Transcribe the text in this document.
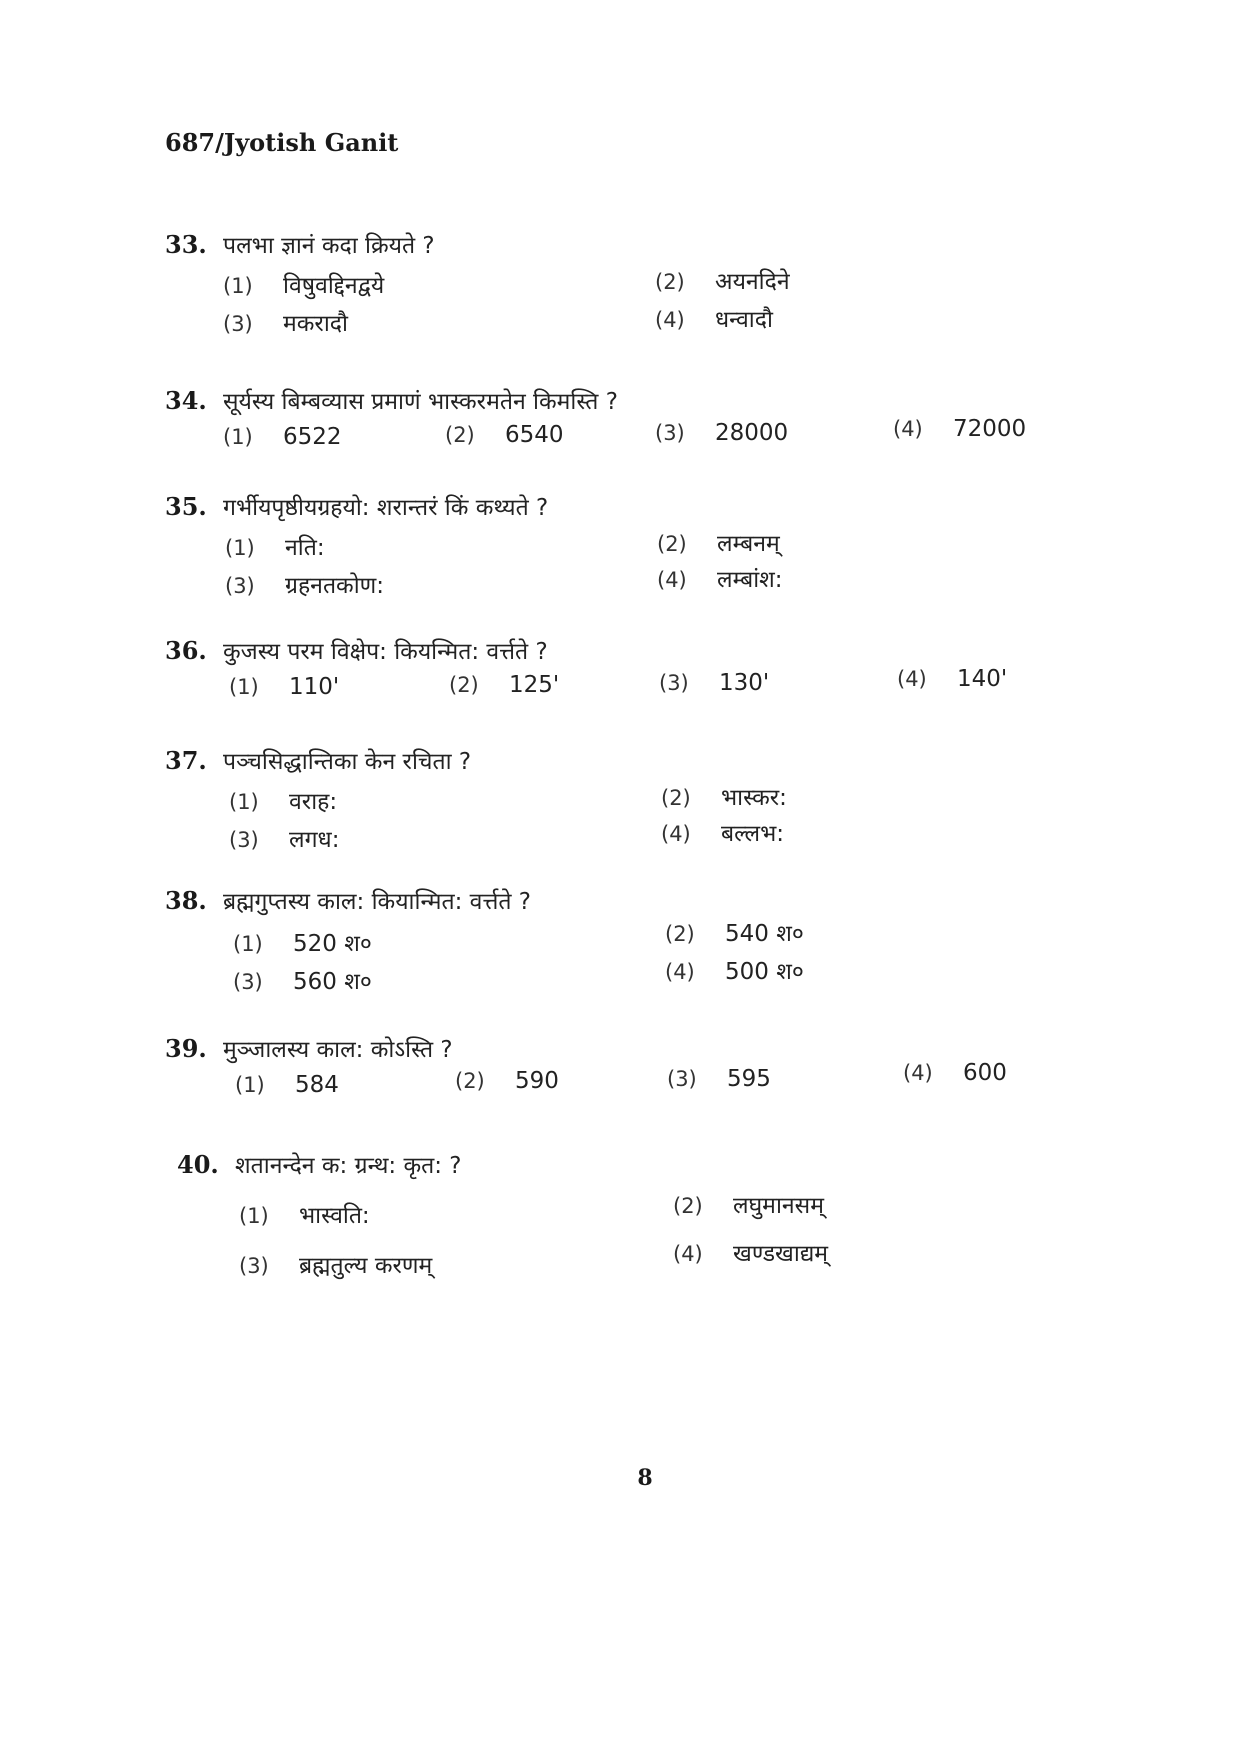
687/Jyotish Ganit
33. पलभा ज्ञानं कदा क्रियते ?
(1)	विषुवद्दिनद्वये	(2)	अयनदिने
(3)	मकरादौ	(4)	धन्वादौ
34. सूर्यस्य बिम्बव्यास प्रमाणं भास्करमतेन किमस्ति ?
(1)	6522	(2)	6540	(3)	28000	(4)	72000
35. गर्भीयपृष्ठीयग्रहयो: शरान्तरं किं कथ्यते ?
(1)	नति:	(2)	लम्बनम्
(3)	ग्रहनतकोण:	(4)	लम्बांश:
36. कुजस्य परम विक्षेप: कियन्मित: वर्त्तते ?
(1)	110'	(2)	125'	(3)	130'	(4)	140'
37. पञ्चसिद्धान्तिका केन रचिता ?
(1)	वराह:	(2)	भास्कर:
(3)	लगध:	(4)	बल्लभ:
38. ब्रह्मगुप्तस्य काल: कियान्मित: वर्त्तते ?
(1)	520 श०	(2)	540 श०
(3)	560 श०	(4)	500 श०
39. मुञ्जालस्य काल: कोऽस्ति ?
(1)	584	(2)	590	(3)	595	(4)	600
40. शतानन्देन क: ग्रन्थ: कृत: ?
(1)	भास्वति:	(2)	लघुमानसम्
(3)	ब्रह्मतुल्य करणम्	(4)	खण्डखाद्यम्
8
